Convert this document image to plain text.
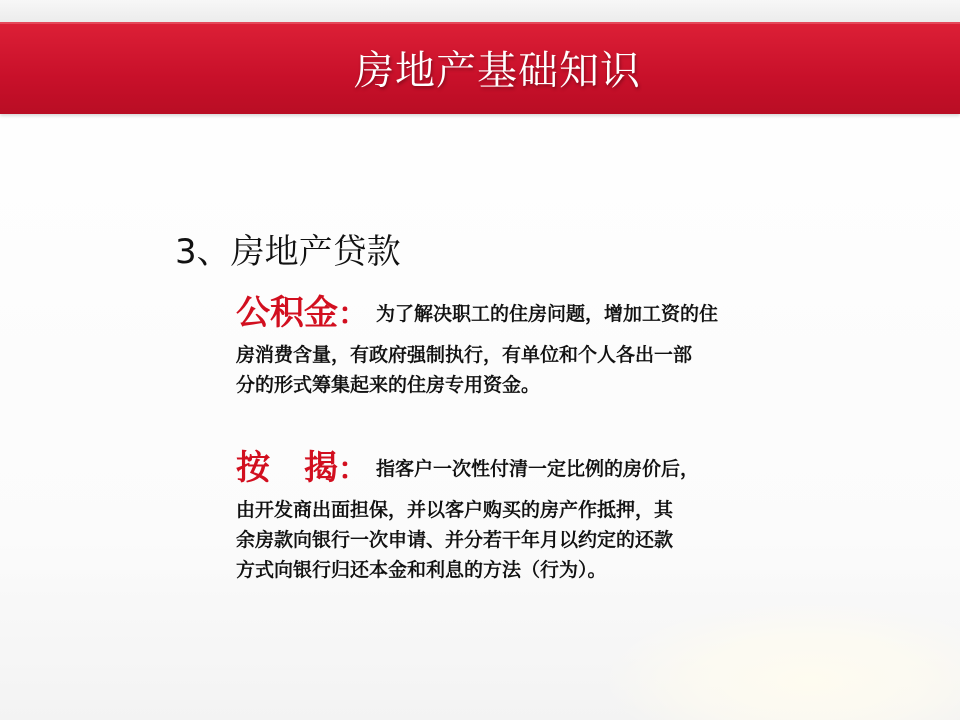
房地产基础知识
3、房地产贷款
公积金： 为了解决职工的住房问题，增加工资的住
房消费含量，有政府强制执行，有单位和个人各出一部
分的形式筹集起来的住房专用资金。
按　揭： 指客户一次性付清一定比例的房价后，
由开发商出面担保，并以客户购买的房产作抵押，其
余房款向银行一次申请、并分若干年月以约定的还款
方式向银行归还本金和利息的方法（行为）。
